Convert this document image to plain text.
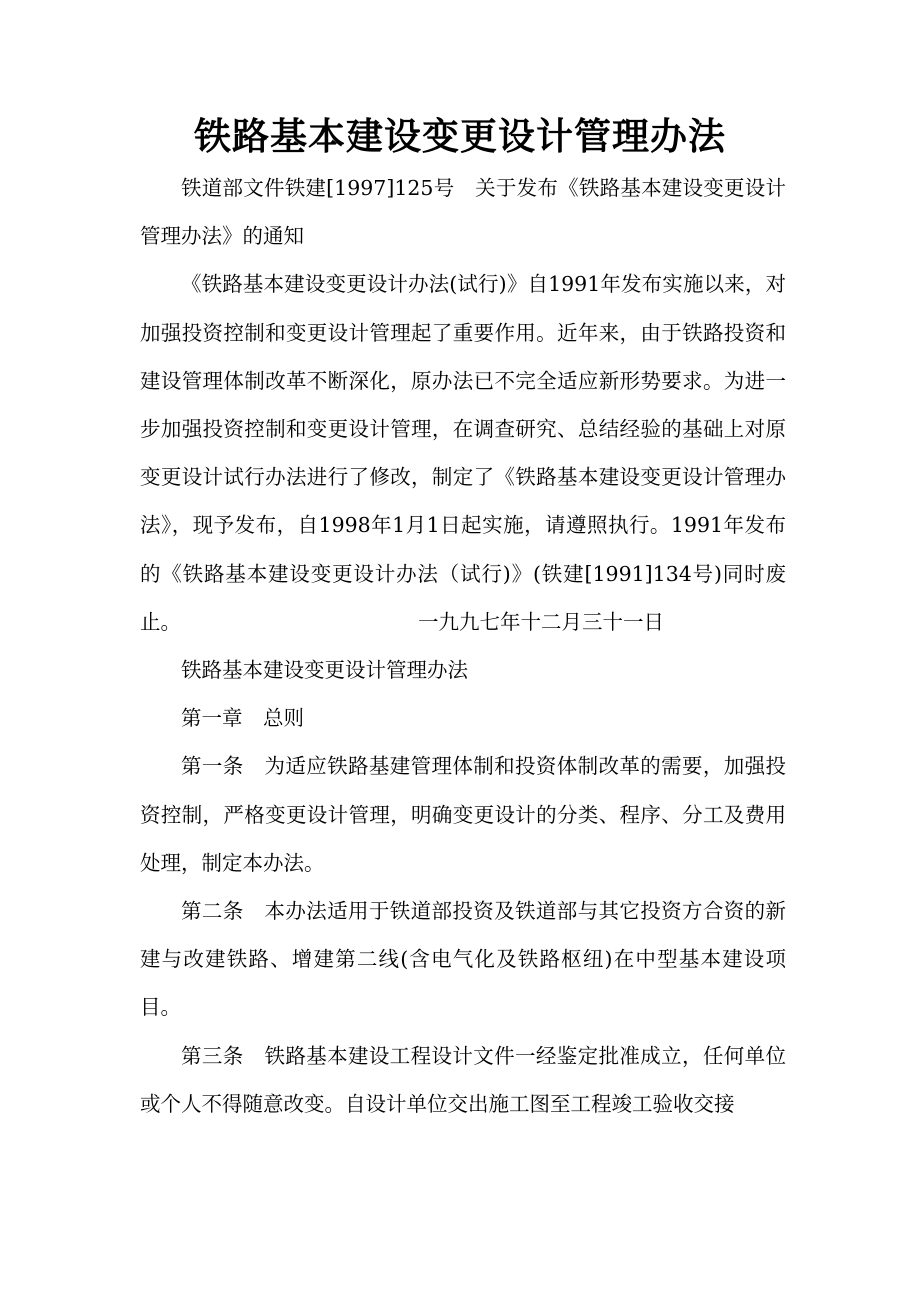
铁路基本建设变更设计管理办法

铁道部文件铁建[1997]125号　关于发布《铁路基本建设变更设计管理办法》的通知

《铁路基本建设变更设计办法(试行)》自1991年发布实施以来，对加强投资控制和变更设计管理起了重要作用。近年来，由于铁路投资和建设管理体制改革不断深化，原办法已不完全适应新形势要求。为进一步加强投资控制和变更设计管理，在调查研究、总结经验的基础上对原变更设计试行办法进行了修改，制定了《铁路基本建设变更设计管理办法》，现予发布，自1998年1月1日起实施，请遵照执行。1991年发布的《铁路基本建设变更设计办法（试行)》(铁建[1991]134号)同时废止。	一九九七年十二月三十一日

铁路基本建设变更设计管理办法

第一章　总则

第一条　为适应铁路基建管理体制和投资体制改革的需要，加强投资控制，严格变更设计管理，明确变更设计的分类、程序、分工及费用处理，制定本办法。

第二条　本办法适用于铁道部投资及铁道部与其它投资方合资的新建与改建铁路、增建第二线(含电气化及铁路枢纽)在中型基本建设项目。

第三条　铁路基本建设工程设计文件一经鉴定批准成立，任何单位或个人不得随意改变。自设计单位交出施工图至工程竣工验收交接
